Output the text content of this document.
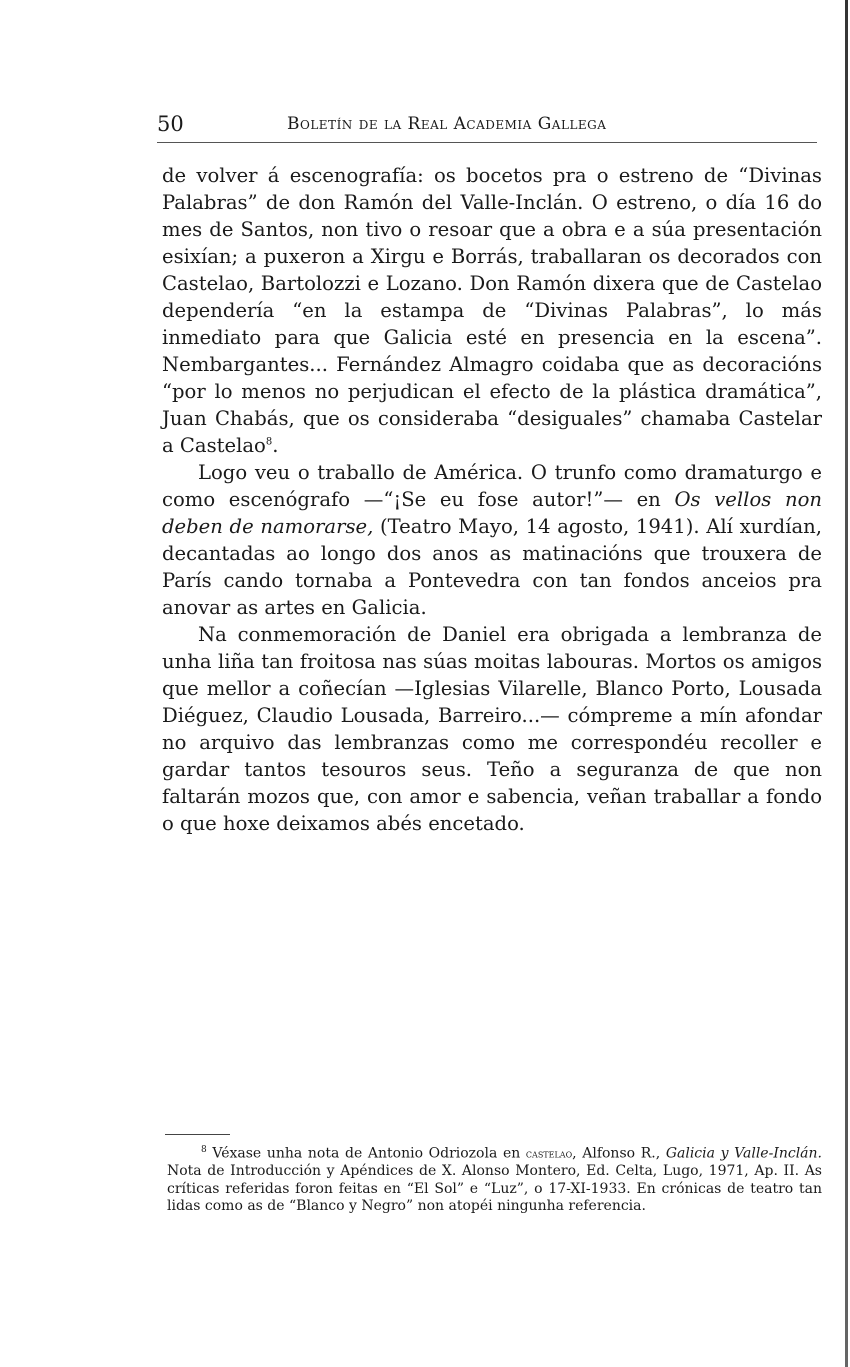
50	Boletín de la Real Academia Gallega

de volver á escenografía: os bocetos pra o estreno de “Divinas Palabras” de don Ramón del Valle-Inclán. O estreno, o día 16 do mes de Santos, non tivo o resoar que a obra e a súa presentación esixían; a puxeron a Xirgu e Borrás, traballaran os decorados con Castelao, Bartolozzi e Lozano. Don Ramón dixera que de Castelao dependería “en la estampa de “Divinas Palabras”, lo más inmediato para que Galicia esté en presencia en la escena”. Nembargantes... Fernández Almagro coidaba que as decoracións “por lo menos no perjudican el efecto de la plástica dramática”, Juan Chabás, que os consideraba “desiguales” chamaba Castelar a Castelao$^8$.

Logo veu o traballo de América. O trunfo como dramaturgo e como escenógrafo —“¡Se eu fose autor!”— en Os vellos non deben de namorarse, (Teatro Mayo, 14 agosto, 1941). Alí xurdían, decantadas ao longo dos anos as matinacións que trouxera de París cando tornaba a Pontevedra con tan fondos anceios pra anovar as artes en Galicia.

Na conmemoración de Daniel era obrigada a lembranza de unha liña tan froitosa nas súas moitas labouras. Mortos os amigos que mellor a coñecían —Iglesias Vilarelle, Blanco Porto, Lousada Diéguez, Claudio Lousada, Barreiro...— cómpreme a mín afondar no arquivo das lembranzas como me correspondéu recoller e gardar tantos tesouros seus. Teño a seguranza de que non faltarán mozos que, con amor e sabencia, veñan traballar a fondo o que hoxe deixamos abés encetado.

$^8$ Véxase unha nota de Antonio Odriozola en castelao, Alfonso R., Galicia y Valle-Inclán. Nota de Introducción y Apéndices de X. Alonso Montero, Ed. Celta, Lugo, 1971, Ap. II. As críticas referidas foron feitas en “El Sol” e “Luz”, o 17-XI-1933. En crónicas de teatro tan lidas como as de “Blanco y Negro” non atopéi ningunha referencia.
